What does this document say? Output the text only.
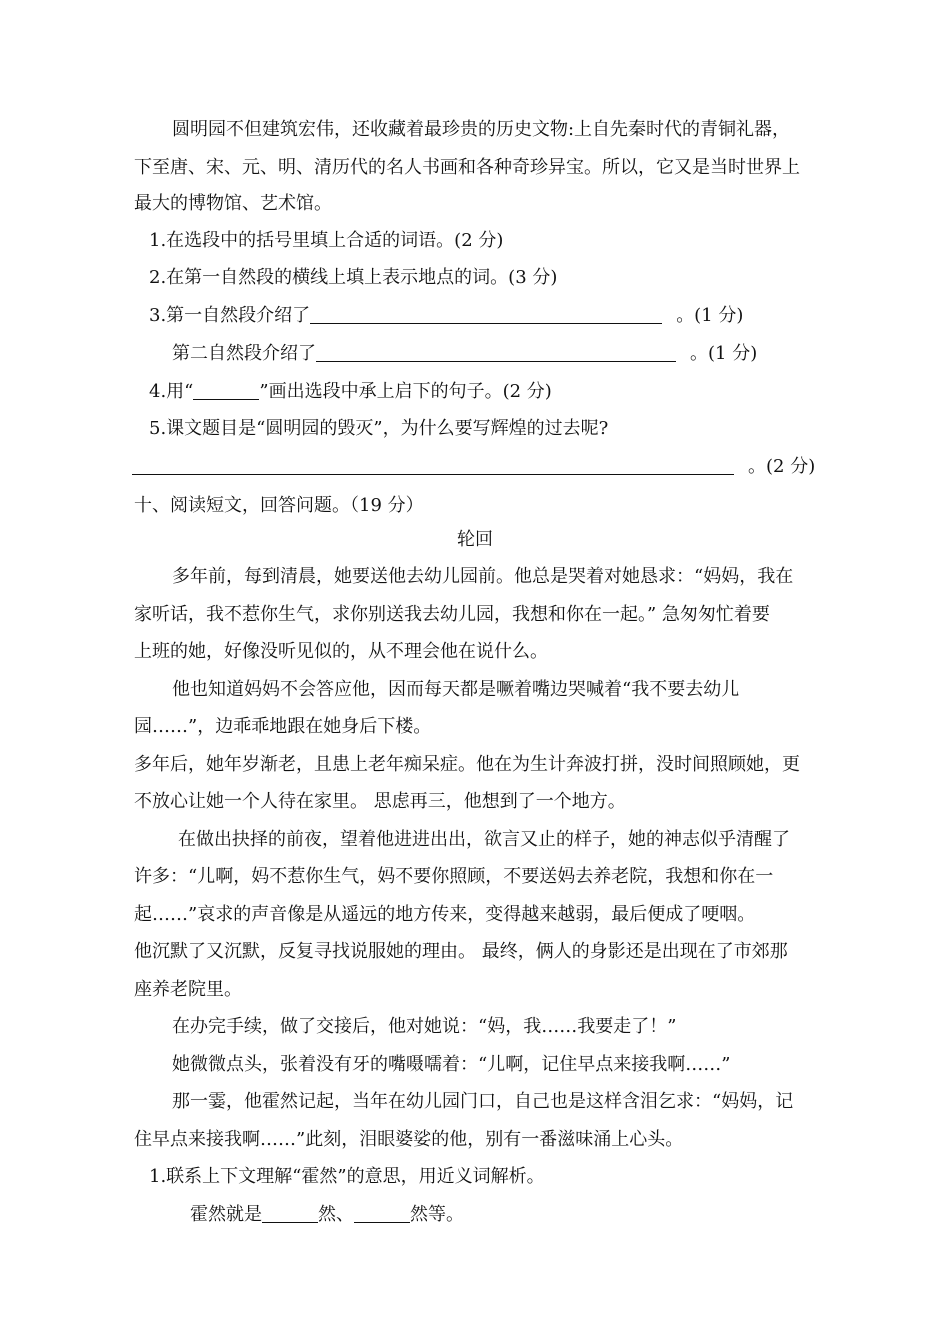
圆明园不但建筑宏伟，还收藏着最珍贵的历史文物:上自先秦时代的青铜礼器，
下至唐、宋、元、明、清历代的名人书画和各种奇珍异宝。所以，它又是当时世界上
最大的博物馆、艺术馆。
1.在选段中的括号里填上合适的词语。(2 分)
2.在第一自然段的横线上填上表示地点的词。(3 分)
3.第一自然段介绍了	。(1 分)
第二自然段介绍了	。(1 分)
4.用“	”画出选段中承上启下的句子。(2 分)
5.课文题目是“圆明园的毁灭”，为什么要写辉煌的过去呢?
。(2 分)
十、阅读短文，回答问题。（19 分）
轮回
多年前，每到清晨，她要送他去幼儿园前。他总是哭着对她恳求：“妈妈，我在
家听话，我不惹你生气，求你别送我去幼儿园，我想和你在一起。” 急匆匆忙着要
上班的她，好像没听见似的，从不理会他在说什么。
他也知道妈妈不会答应他，因而每天都是噘着嘴边哭喊着“我不要去幼儿
园……”，边乖乖地跟在她身后下楼。
多年后，她年岁渐老，且患上老年痴呆症。他在为生计奔波打拼，没时间照顾她，更
不放心让她一个人待在家里。 思虑再三，他想到了一个地方。
在做出抉择的前夜，望着他进进出出，欲言又止的样子，她的神志似乎清醒了
许多：“儿啊，妈不惹你生气，妈不要你照顾，不要送妈去养老院，我想和你在一
起……”哀求的声音像是从遥远的地方传来，变得越来越弱，最后便成了哽咽。
他沉默了又沉默，反复寻找说服她的理由。 最终，俩人的身影还是出现在了市郊那
座养老院里。
在办完手续，做了交接后，他对她说：“妈，我……我要走了！”
她微微点头，张着没有牙的嘴嗫嚅着：“儿啊，记住早点来接我啊……”
那一霎，他霍然记起，当年在幼儿园门口，自己也是这样含泪乞求：“妈妈，记
住早点来接我啊……”此刻，泪眼婆娑的他，别有一番滋味涌上心头。
1.联系上下文理解“霍然”的意思，用近义词解析。
霍然就是	然、	然等。
